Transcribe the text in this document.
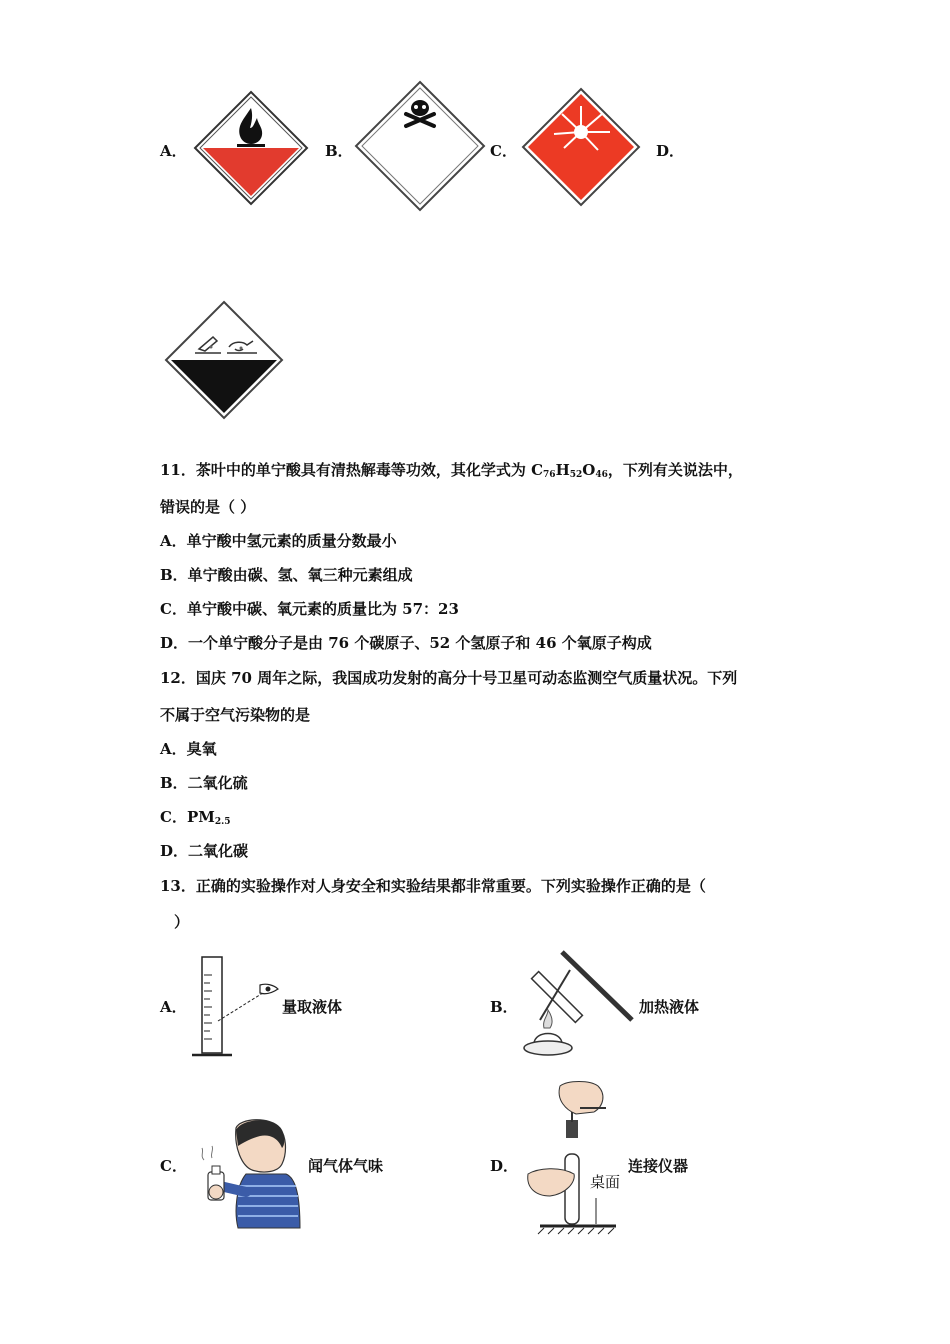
A．	B．	C．	D．
11．茶叶中的单宁酸具有清热解毒等功效，其化学式为 $C_{76}H_{52}O_{46}$，下列有关说法中，
错误的是（ ）
A．单宁酸中氢元素的质量分数最小
B．单宁酸由碳、氢、氧三种元素组成
C．单宁酸中碳、氧元素的质量比为 57：23
D．一个单宁酸分子是由 76 个碳原子、52 个氢原子和 46 个氧原子构成
12．国庆 70 周年之际，我国成功发射的高分十号卫星可动态监测空气质量状况。下列
不属于空气污染物的是
A．臭氧
B．二氧化硫
C．$PM_{2.5}$
D．二氧化碳
13．正确的实验操作对人身安全和实验结果都非常重要。下列实验操作正确的是（
）
A．	量取液体	B．	加热液体
C．	闻气体气味	D．
桌面
连接仪器
